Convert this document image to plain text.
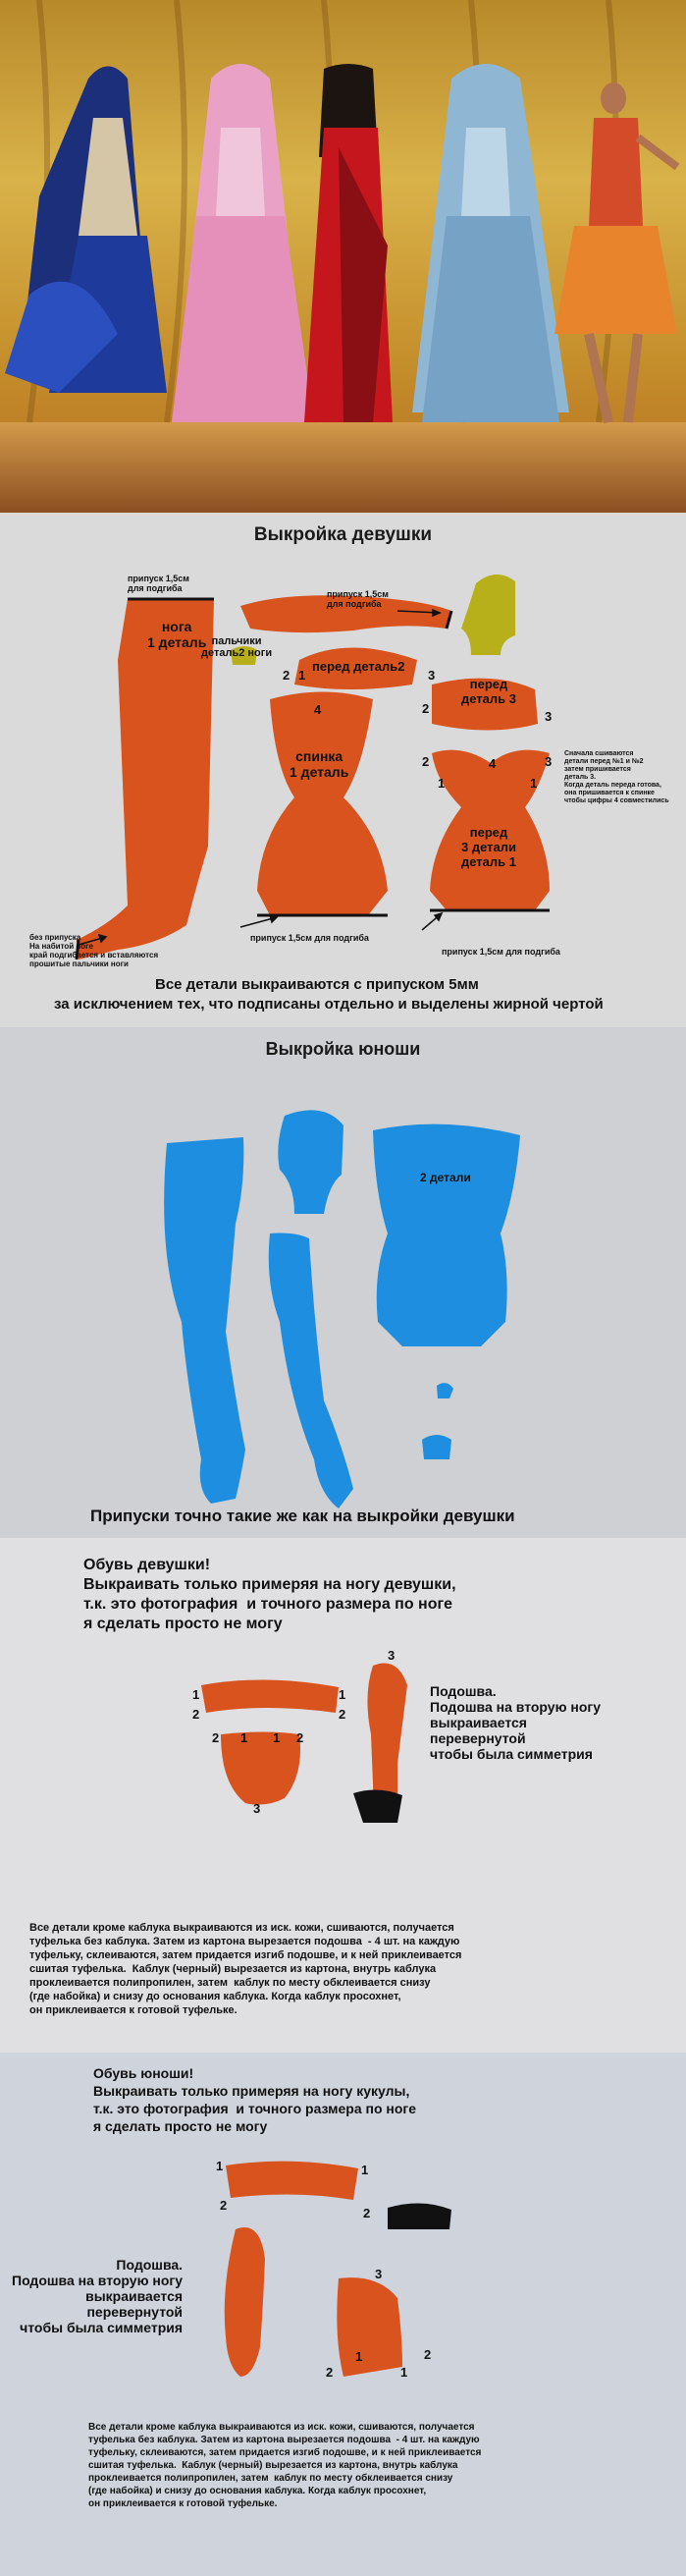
Выкройка девушки
припуск 1,5см
для подгиба
нога
1 деталь
припуск 1,5см
для подгиба
пальчики
деталь2 ноги
перед деталь2
спинка
1 деталь
перед
деталь 3
перед
3 детали
деталь 1
Сначала сшиваются
детали перед №1 и №2
затем пришивается
деталь 3.
Когда деталь переда готова,
она пришивается к спинке
чтобы цифры 4 совместились
без припуска
На набитой ноге
край подгибается и вставляются
прошитые пальчики ноги
припуск 1,5см для подгиба
припуск 1,5см для подгиба
1
2	3
4	2
3
2	3
4
1	1
Все детали выкраиваются с припуском 5мм
за исключением тех, что подписаны отдельно и выделены жирной чертой
Выкройка юноши
2 детали
Припуски точно такие же как на выкройки девушки
Обувь девушки!
Выкраивать только примеряя на ногу девушки,
т.к. это фотография  и точного размера по ноге
я сделать просто не могу
1
2
1
2
3
2 1 1 2
3
Подошва.
Подошва на вторую ногу
выкраивается
перевернутой
чтобы была симметрия
Все детали кроме каблука выкраиваются из иск. кожи, сшиваются, получается
туфелька без каблука. Затем из картона вырезается подошва  - 4 шт. на каждую
туфельку, склеиваются, затем придается изгиб подошве, и к ней приклеивается
сшитая туфелька.  Каблук (черный) вырезается из картона, внутрь каблука
проклеивается полипропилен, затем  каблук по месту обклеивается снизу
(где набойка) и снизу до основания каблука. Когда каблук просохнет,
он приклеивается к готовой туфельке.
Обувь юноши!
Выкраивать только примеряя на ногу кукулы,
т.к. это фотография  и точного размера по ноге
я сделать просто не могу
1
2
1
2
3
2	1
1	2
Подошва.
Подошва на вторую ногу
выкраивается
перевернутой
чтобы была симметрия
Все детали кроме каблука выкраиваются из иск. кожи, сшиваются, получается
туфелька без каблука. Затем из картона вырезается подошва  - 4 шт. на каждую
туфельку, склеиваются, затем придается изгиб подошве, и к ней приклеивается
сшитая туфелька.  Каблук (черный) вырезается из картона, внутрь каблука
проклеивается полипропилен, затем  каблук по месту обклеивается снизу
(где набойка) и снизу до основания каблука. Когда каблук просохнет,
он приклеивается к готовой туфельке.
